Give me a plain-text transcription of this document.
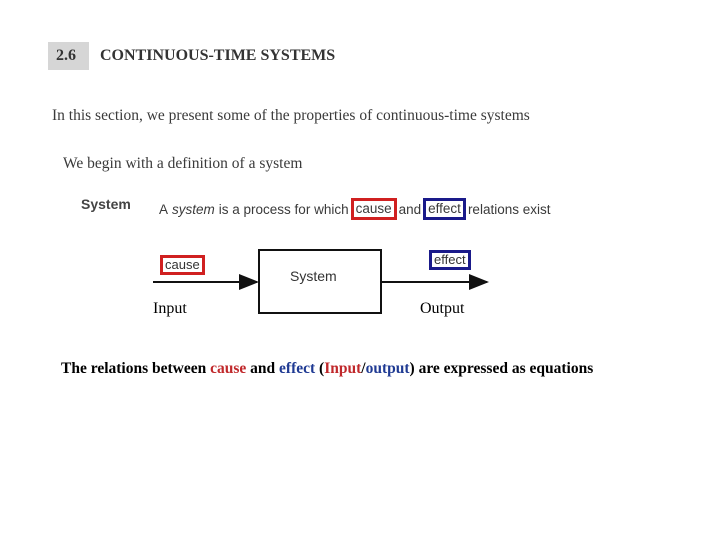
2.6 CONTINUOUS-TIME SYSTEMS
In this section, we present some of the properties of continuous-time systems
We begin with a definition of a system
System A system is a process for which cause and effect relations exist
cause	effect
System
Input	Output
The relations between cause and effect (Input/output) are expressed as equations
